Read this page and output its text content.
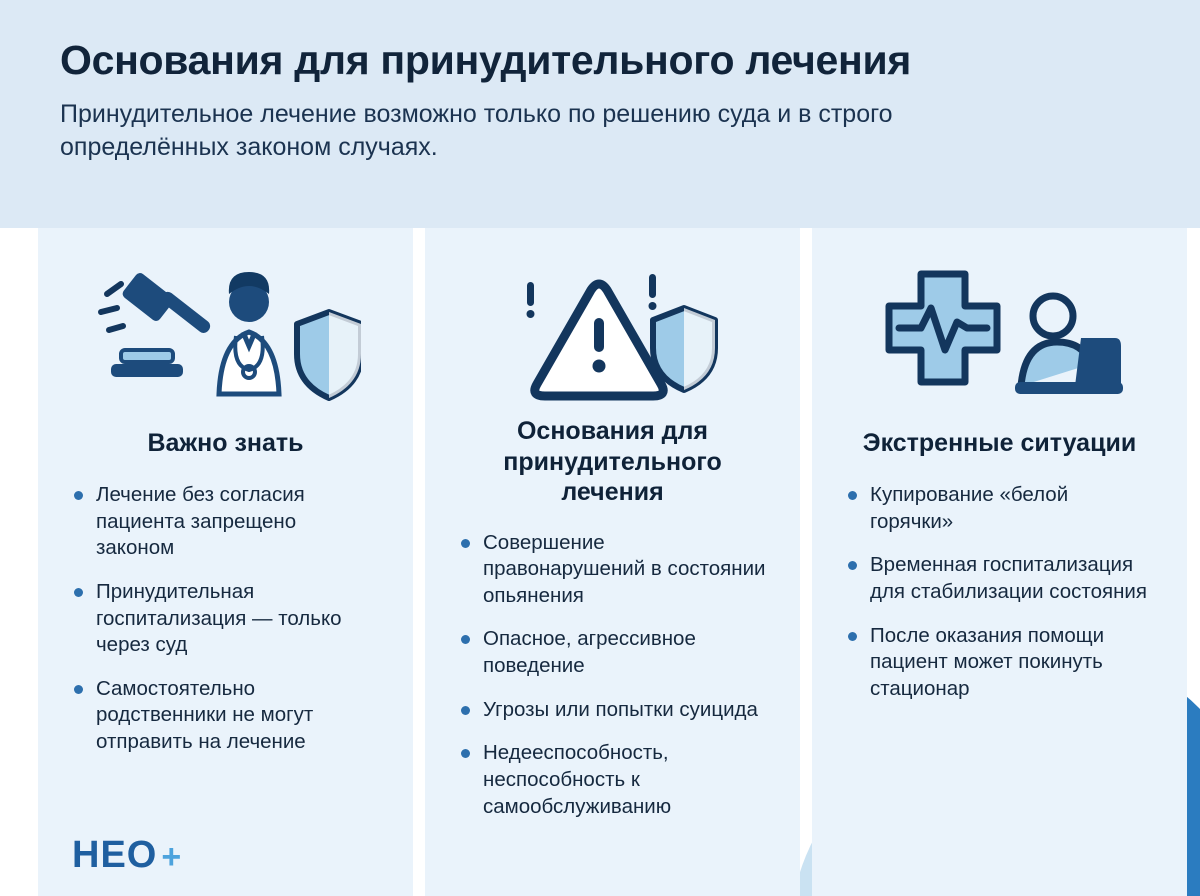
Основания для принудительного лечения

Принудительное лечение возможно только по решению суда и в строго определённых законом случаях.

Важно знать
Лечение без согласия пациента запрещено законом
Принудительная госпитализация — только через суд
Самостоятельно родственники не могут отправить на лечение
Основания для принудительного лечения
Совершение правонарушений в состоянии опьянения
Опасное, агрессивное поведение
Угрозы или попытки суицида
Недееспособность, неспособность к самообслуживанию
Экстренные ситуации
Купирование «белой горячки»
Временная госпитализация для стабилизации состояния
После оказания помощи пациент может покинуть стационар
НЕО +
